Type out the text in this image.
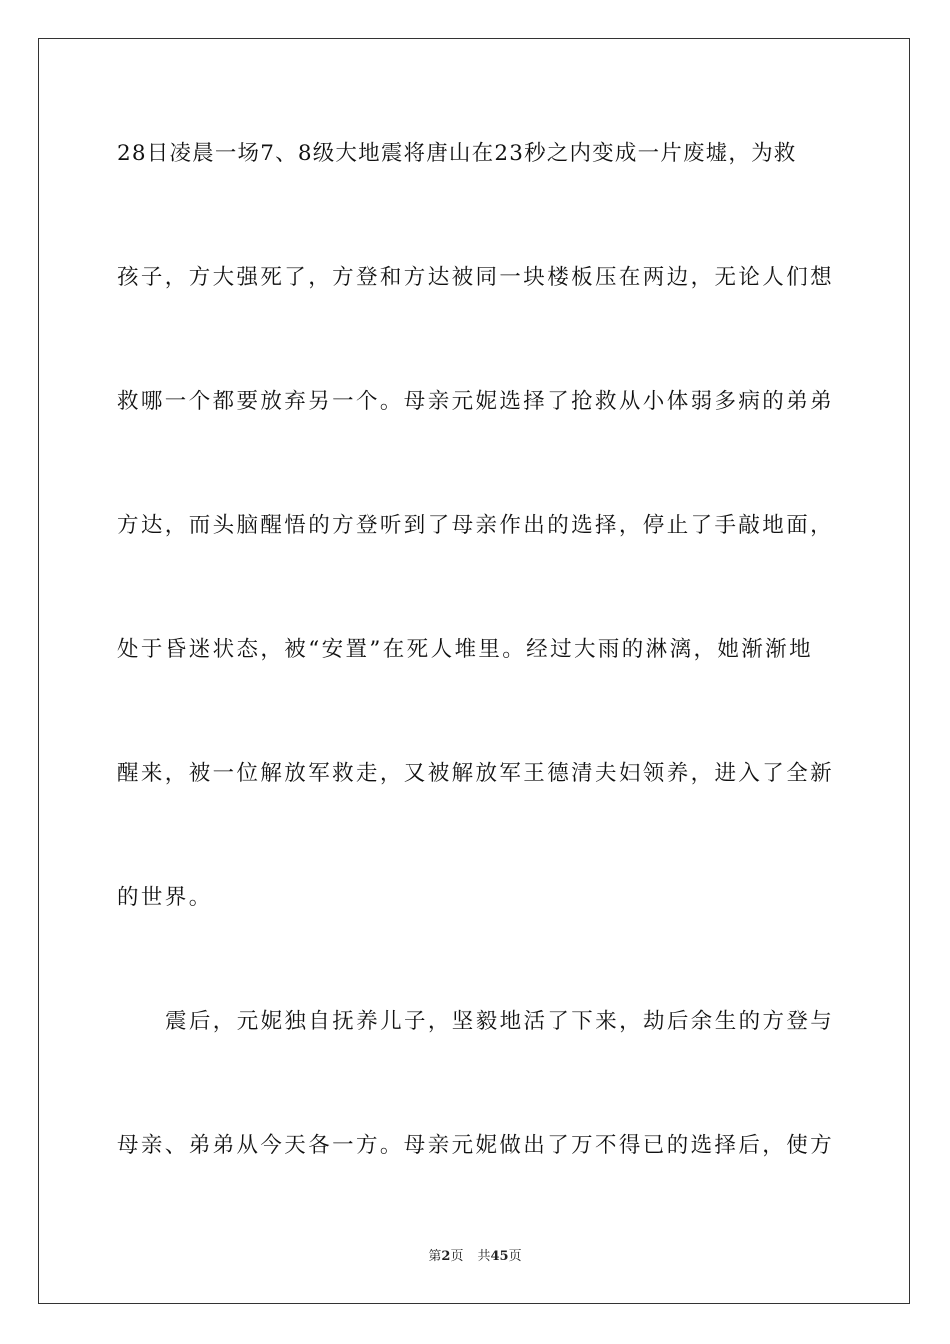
28日凌晨一场7、8级大地震将唐山在23秒之内变成一片废墟，为救
孩子，方大强死了，方登和方达被同一块楼板压在两边，无论人们想
救哪一个都要放弃另一个。母亲元妮选择了抢救从小体弱多病的弟弟
方达，而头脑醒悟的方登听到了母亲作出的选择，停止了手敲地面，
处于昏迷状态，被“安置”在死人堆里。经过大雨的淋漓，她渐渐地
醒来，被一位解放军救走，又被解放军王德清夫妇领养，进入了全新
的世界。
震后，元妮独自抚养儿子，坚毅地活了下来，劫后余生的方登与
母亲、弟弟从今天各一方。母亲元妮做出了万不得已的选择后，使方
第2页 共45页
